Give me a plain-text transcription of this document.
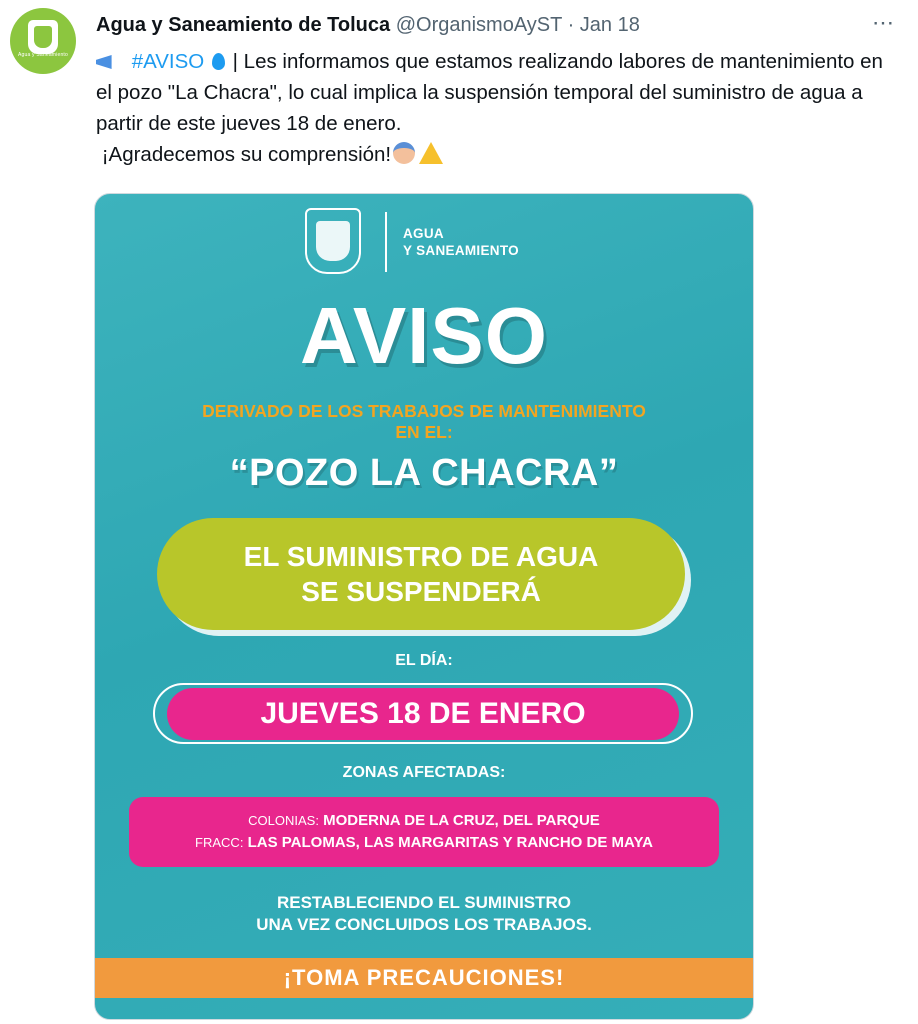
Agua y Saneamiento
Agua y Saneamiento de Toluca @OrganismoAyST · Jan 18	⋯
#AVISO | Les informamos que estamos realizando labores de mantenimiento en el pozo "La Chacra", lo cual implica la suspensión temporal del suministro de agua a partir de este jueves 18 de enero.
¡Agradecemos su comprensión!
AGUA
Y SANEAMIENTO
AVISO
DERIVADO DE LOS TRABAJOS DE MANTENIMIENTO
EN EL:
“POZO LA CHACRA”
EL SUMINISTRO DE AGUA
SE SUSPENDERÁ
EL DÍA:
JUEVES 18 DE ENERO
ZONAS AFECTADAS:
COLONIAS: MODERNA DE LA CRUZ, DEL PARQUE
FRACC: LAS PALOMAS, LAS MARGARITAS Y RANCHO DE MAYA
RESTABLECIENDO EL SUMINISTRO
UNA VEZ CONCLUIDOS LOS TRABAJOS.
¡TOMA PRECAUCIONES!
